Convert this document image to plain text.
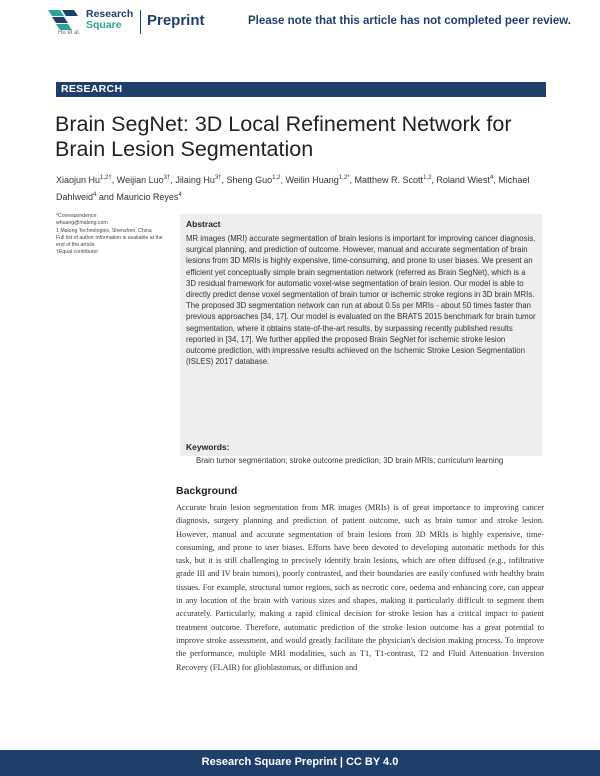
Research
Square	Preprint	Please note that this article has not completed peer review.
Hu et al.
RESEARCH
Brain SegNet: 3D Local Refinement Network for Brain Lesion Segmentation
Xiaojun $Hu^{1,2\dagger}$, Weijian Luo$^{3\dagger}$, Jilaing $Hu^{3\dagger}$, Sheng Guo$^{1,2}$, Weilin Huang$^{1,2*}$, Matthew R. Scott$^{1,2}$, Roland Wiest$^4$, Michael Dahlweid$^4$ and Mauricio Reyes$^4$
*Correspondence:
whuang@malong.com
1 Malong Technologies, Shenzhen, China
Full list of author information is available at the end of the article
†Equal contributor
Abstract
MR images (MRI) accurate segmentation of brain lesions is important for improving cancer diagnosis, surgical planning, and prediction of outcome. However, manual and accurate segmentation of brain lesions from 3D MRIs is highly expensive, time-consuming, and prone to user biases. We present an efficient yet conceptually simple brain segmentation network (referred as Brain SegNet), which is a 3D residual framework for automatic voxel-wise segmentation of brain lesion. Our model is able to directly predict dense voxel segmentation of brain tumor or ischemic stroke regions in 3D brain MRIs. The proposed 3D segmentation network can run at about 0.5s per MRIs - about 50 times faster than previous approaches [34, 17]. Our model is evaluated on the BRATS 2015 benchmark for brain tumor segmentation, where it obtains state-of-the-art results, by surpassing recently published results reported in [34, 17]. We further applied the proposed Brain SegNet for ischemic stroke lesion outcome prediction, with impressive results achieved on the Ischemic Stroke Lesion Segmentation (ISLES) 2017 database.
Keywords:
Brain tumor segmentation; stroke outcome prediction; 3D brain MRIs; curriculum learning
Background
Accurate brain lesion segmentation from MR images (MRIs) is of great importance to improving cancer diagnosis, surgery planning and prediction of patient outcome, such as brain tumor and stroke lesion. However, manual and accurate segmentation of brain lesions from 3D MRIs is highly expensive, time-consuming, and prone to user biases. Efforts have been devoted to developing automatic methods for this task, but it is still challenging to precisely identify brain lesions, which are often diffused (e.g., infiltrative grade III and IV brain tumors), poorly contrasted, and their boundaries are easily confused with healthy brain tissues. For example, structural tumor regions, such as necrotic core, oedema and enhancing core, can appear in any location of the brain with various sizes and shapes, making it particularly difficult to segment them accurately. Particularly, making a rapid clinical decision for stroke lesion has a critical impact to patient treatment outcome. Therefore, automatic prediction of the stroke lesion outcome has a great potential to improve stroke assessment, and would greatly facilitate the physician's decision making process. To improve the performance, multiple MRI modalities, such as T1, T1-contrast, T2 and Fluid Attenuation Inversion Recovery (FLAIR) for glioblastomas, or diffusion and
Research Square Preprint | CC BY 4.0
